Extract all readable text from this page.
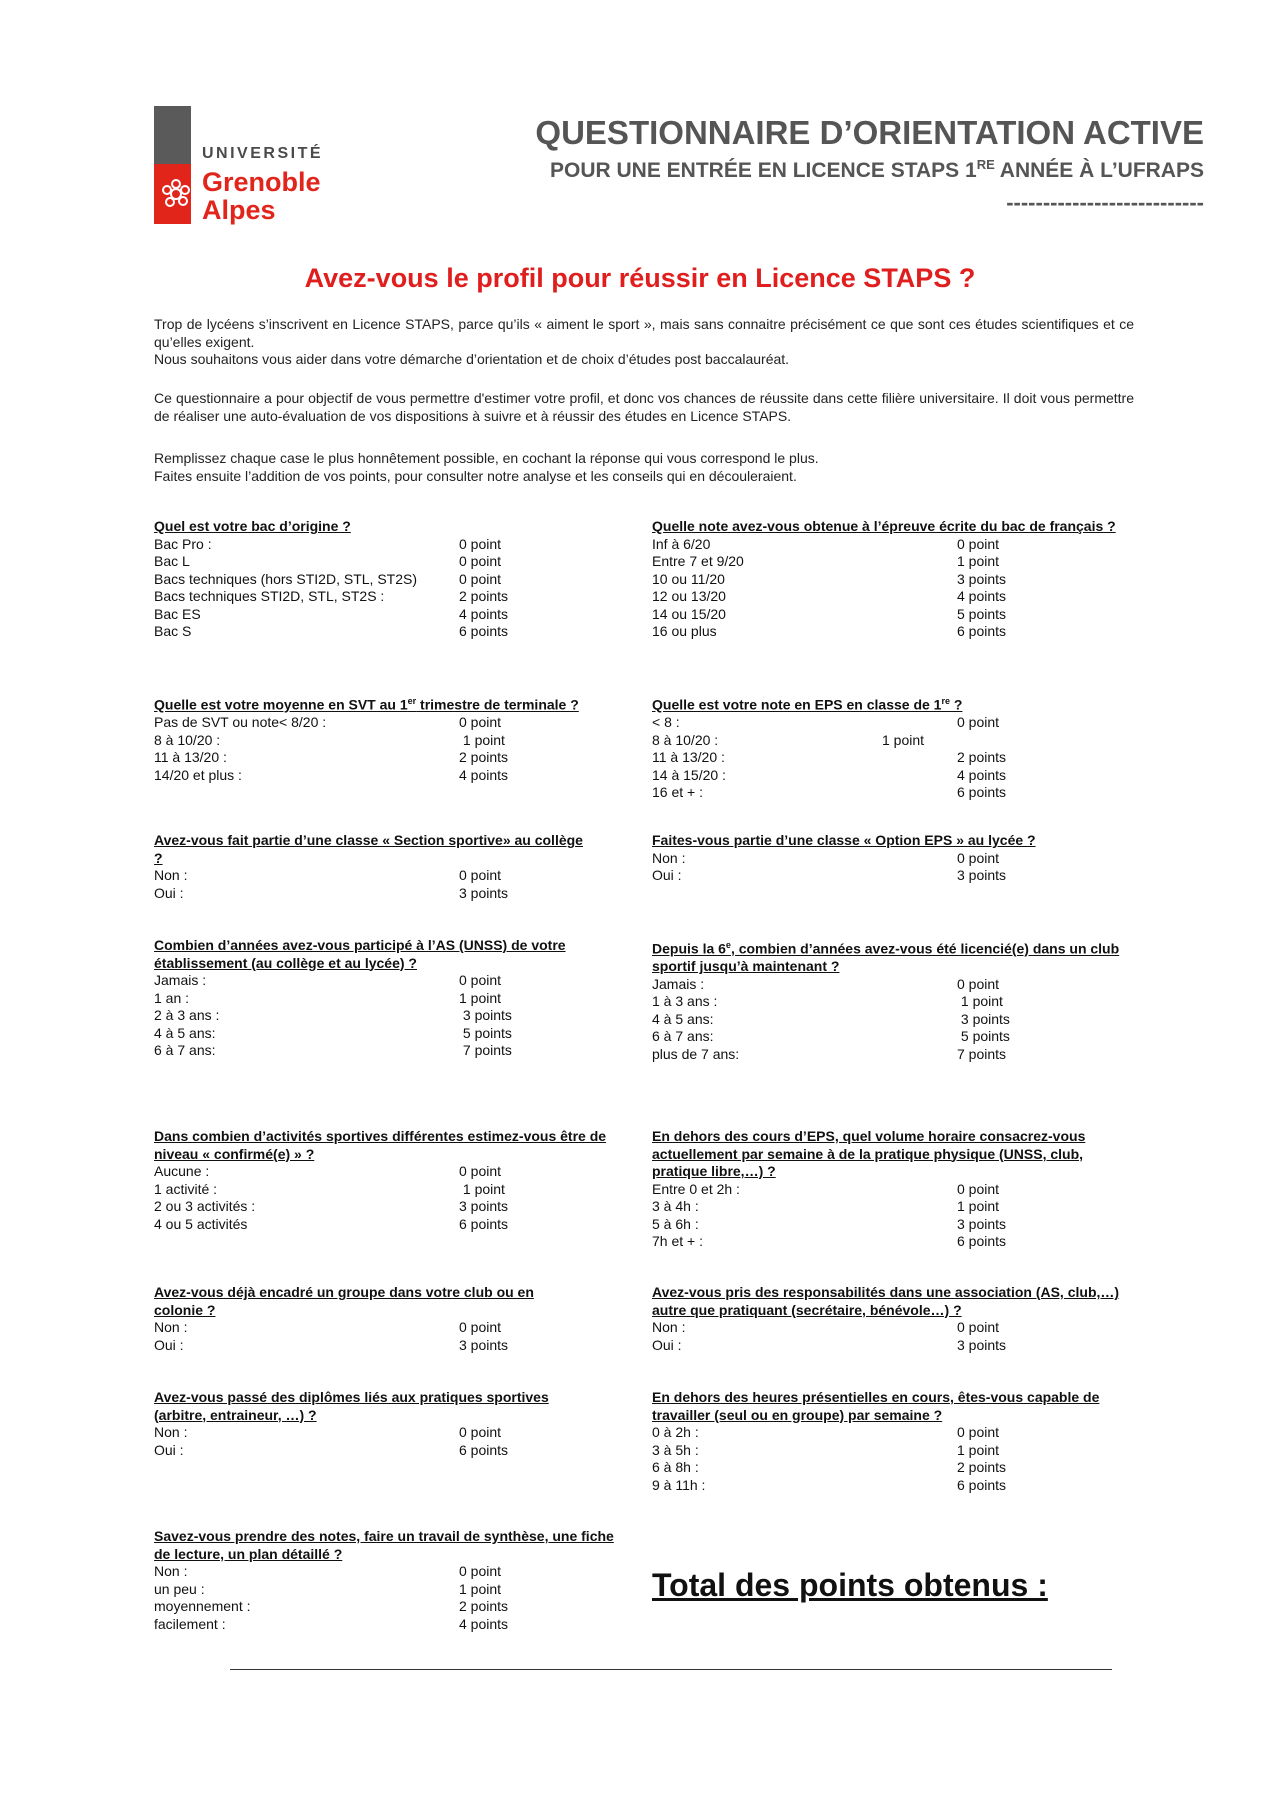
UNIVERSITÉ
Grenoble
Alpes
QUESTIONNAIRE D’ORIENTATION ACTIVE
POUR UNE ENTRÉE EN LICENCE STAPS 1RE ANNÉE À L’UFRAPS
---------------------------
Avez-vous le profil pour réussir en Licence STAPS ?

Trop de lycéens s’inscrivent en Licence STAPS, parce qu’ils « aiment le sport », mais sans connaitre précisément ce que sont ces études scientifiques et ce qu’elles exigent.

Nous souhaitons vous aider dans votre démarche d’orientation et de choix d’études post baccalauréat.

Ce questionnaire a pour objectif de vous permettre d'estimer votre profil, et donc vos chances de réussite dans cette filière universitaire. Il doit vous permettre de réaliser une auto-évaluation de vos dispositions à suivre et à réussir des études en Licence STAPS.

Remplissez chaque case le plus honnêtement possible, en cochant la réponse qui vous correspond le plus.

Faites ensuite l’addition de vos points, pour consulter notre analyse et les conseils qui en découleraient.

Quel est votre bac d’origine ?

Bac Pro :	0 point
Bac L	0 point
Bacs techniques (hors STI2D, STL, ST2S)	0 point
Bacs techniques STI2D, STL, ST2S :	2 points
Bac ES	4 points
Bac S	6 points

Quelle note avez-vous obtenue à l’épreuve écrite du bac de français ?

Inf à 6/20	0 point
Entre 7 et 9/20	1 point
10 ou 11/20	3 points
12 ou 13/20	4 points
14 ou 15/20	5 points
16 ou plus	6 points

Quelle est votre moyenne en SVT au 1er trimestre de terminale ?

Pas de SVT ou note< 8/20 :	0 point
8 à 10/20 :	1 point
11 à 13/20 :	2 points
14/20 et plus :	4 points

Quelle est votre note en EPS en classe de 1re ?

< 8 :	0 point
8 à 10/20 :	1 point
11 à 13/20 :	2 points
14 à 15/20 :	4 points
16 et + :	6 points

Avez-vous fait partie d’une classe « Section sportive» au collège ?

Non :	0 point
Oui :	3 points

Faites-vous partie d’une classe « Option EPS » au lycée ?

Non :	0 point
Oui :	3 points

Combien d’années avez-vous participé à l’AS (UNSS) de votre établissement (au collège et au lycée) ?

Jamais :	0 point
1 an :	1 point
2 à 3 ans :	3 points
4 à 5 ans:	5 points
6 à 7 ans:	7 points

Depuis la 6e, combien d’années avez-vous été licencié(e) dans un club sportif jusqu’à maintenant ?

Jamais :	0 point
1 à 3 ans :	1 point
4 à 5 ans:	3 points
6 à 7 ans:	5 points
plus de 7 ans:	7 points

Dans combien d’activités sportives différentes estimez-vous être de niveau « confirmé(e) » ?

Aucune :	0 point
1 activité :	1 point
2 ou 3 activités :	3 points
4 ou 5 activités	6 points

En dehors des cours d’EPS, quel volume horaire consacrez-vous actuellement par semaine à de la pratique physique (UNSS, club, pratique libre,…) ?

Entre 0 et 2h :	0 point
3 à 4h :	1 point
5 à 6h :	3 points
7h et + :	6 points

Avez-vous déjà encadré un groupe dans votre club ou en colonie ?

Non :	0 point
Oui :	3 points

Avez-vous pris des responsabilités dans une association (AS, club,…) autre que pratiquant (secrétaire, bénévole…) ?

Non :	0 point
Oui :	3 points

Avez-vous passé des diplômes liés aux pratiques sportives (arbitre, entraineur, …) ?

Non :	0 point
Oui :	6 points

En dehors des heures présentielles en cours, êtes-vous capable de travailler (seul ou en groupe) par semaine ?

0 à 2h :	0 point
3 à 5h :	1 point
6 à 8h :	2 points
9 à 11h :	6 points

Savez-vous prendre des notes, faire un travail de synthèse, une fiche de lecture, un plan détaillé ?

Non :	0 point
un peu :	1 point
moyennement :	2 points
facilement :	4 points
Total des points obtenus :
